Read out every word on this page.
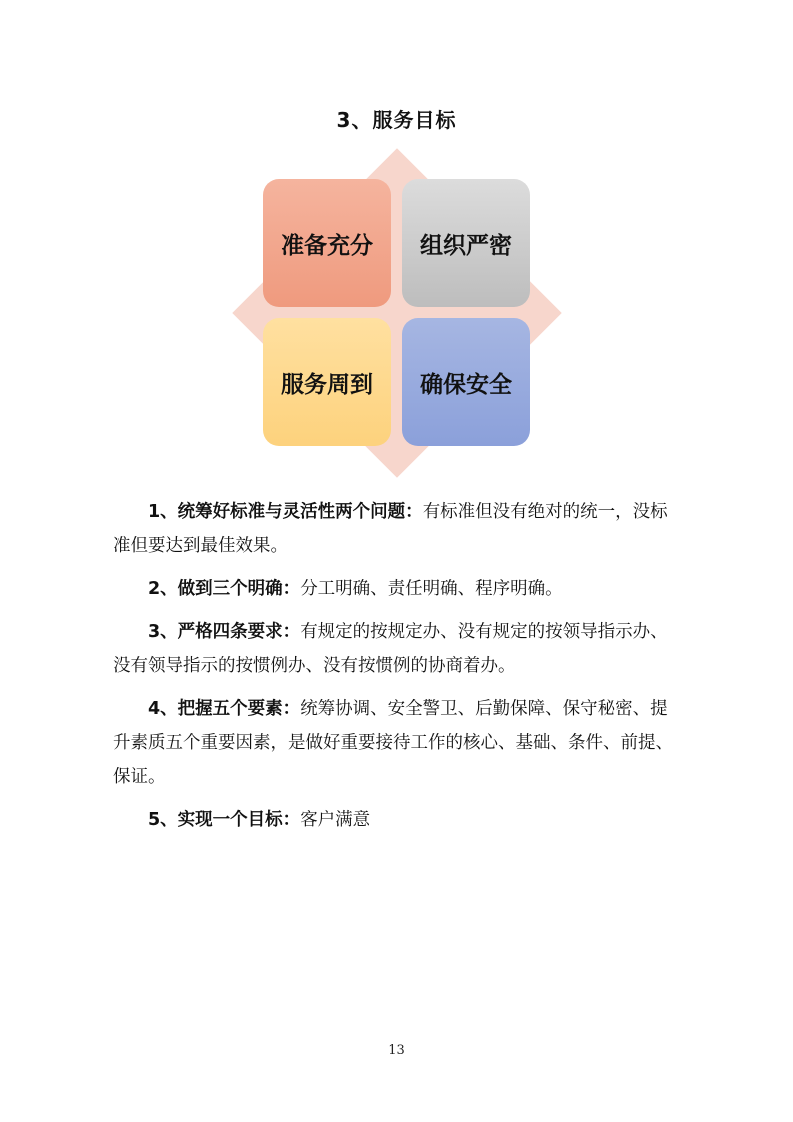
3、服务目标
准备充分	组织严密
服务周到	确保安全

1、统筹好标准与灵活性两个问题：有标准但没有绝对的统一，没标准但要达到最佳效果。

2、做到三个明确：分工明确、责任明确、程序明确。

3、严格四条要求：有规定的按规定办、没有规定的按领导指示办、没有领导指示的按惯例办、没有按惯例的协商着办。

4、把握五个要素：统筹协调、安全警卫、后勤保障、保守秘密、提升素质五个重要因素，是做好重要接待工作的核心、基础、条件、前提、保证。

5、实现一个目标：客户满意

13
